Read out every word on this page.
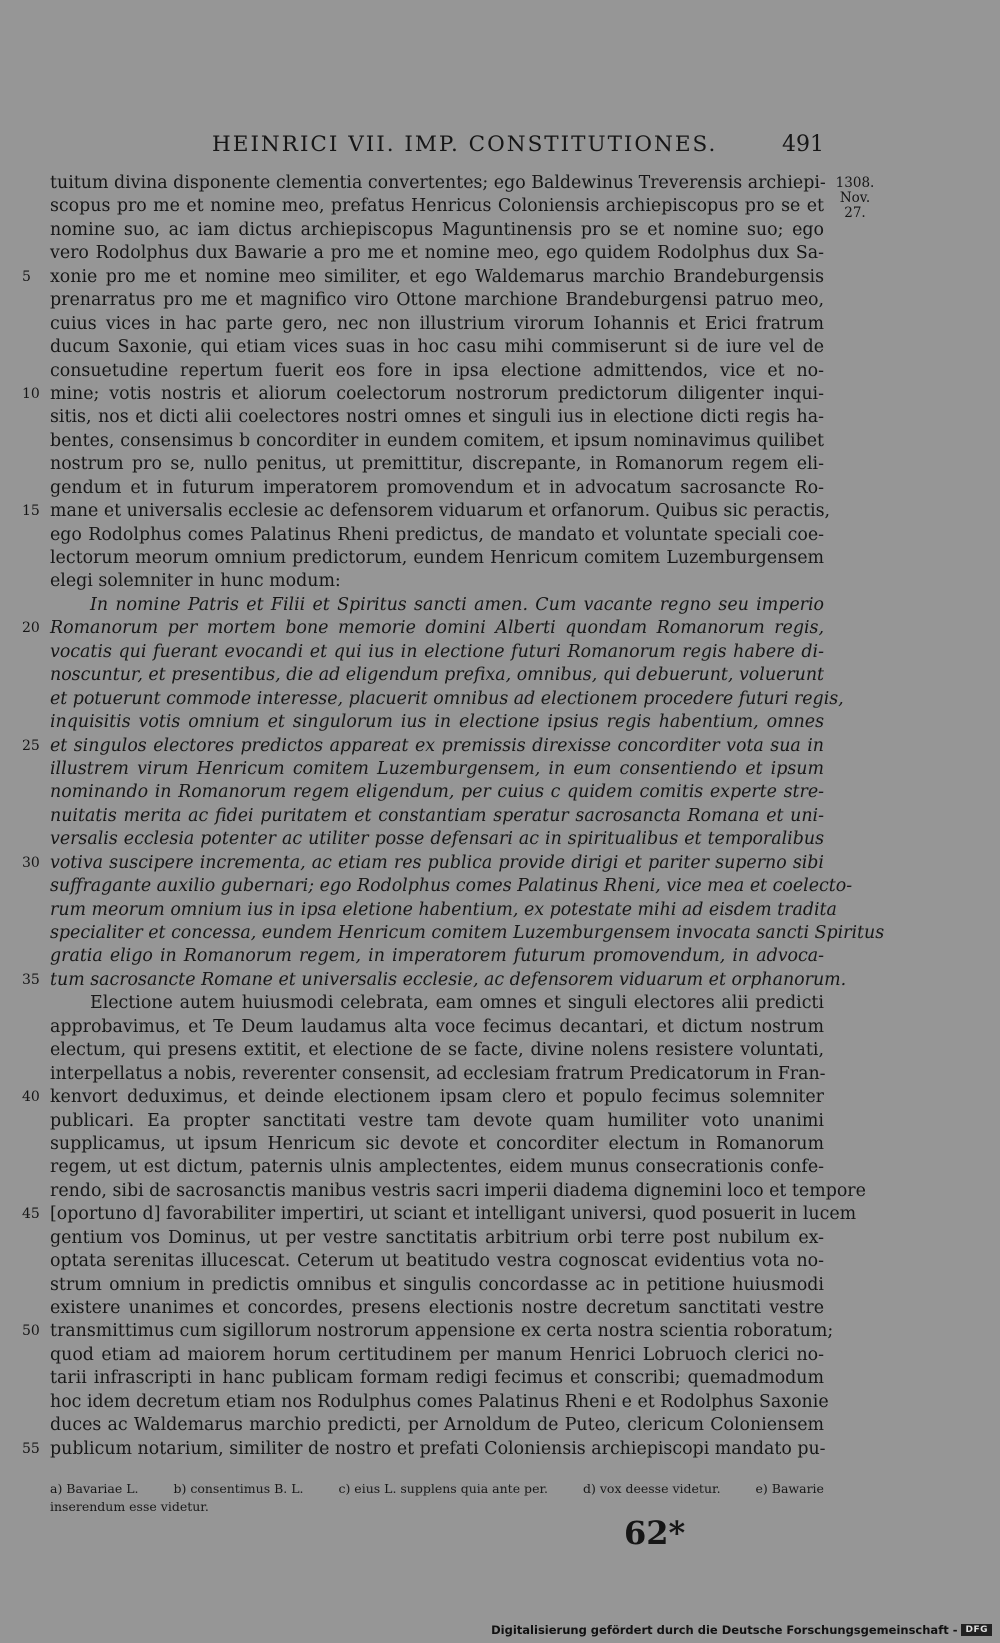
HEINRICI VII. IMP. CONSTITUTIONES.	491
1308.
Nov.
27.
tuitum divina disponente clementia convertentes; ego Baldewinus Treverensis archiepi-
scopus pro me et nomine meo, prefatus Henricus Coloniensis archiepiscopus pro se et
nomine suo, ac iam dictus archiepiscopus Maguntinensis pro se et nomine suo; ego
vero Rodolphus dux Bawarie a pro me et nomine meo, ego quidem Rodolphus dux Sa-
5	xonie pro me et nomine meo similiter, et ego Waldemarus marchio Brandeburgensis
prenarratus pro me et magnifico viro Ottone marchione Brandeburgensi patruo meo,
cuius vices in hac parte gero, nec non illustrium virorum Iohannis et Erici fratrum
ducum Saxonie, qui etiam vices suas in hoc casu mihi commiserunt si de iure vel de
consuetudine repertum fuerit eos fore in ipsa electione admittendos, vice et no-
10 mine; votis nostris et aliorum coelectorum nostrorum predictorum diligenter inqui-
sitis, nos et dicti alii coelectores nostri omnes et singuli ius in electione dicti regis ha-
bentes, consensimus b concorditer in eundem comitem, et ipsum nominavimus quilibet
nostrum pro se, nullo penitus, ut premittitur, discrepante, in Romanorum regem eli-
gendum et in futurum imperatorem promovendum et in advocatum sacrosancte Ro-
15 mane et universalis ecclesie ac defensorem viduarum et orfanorum. Quibus sic peractis,
ego Rodolphus comes Palatinus Rheni predictus, de mandato et voluntate speciali coe-
lectorum meorum omnium predictorum, eundem Henricum comitem Luzemburgensem
elegi solemniter in hunc modum:
In nomine Patris et Filii et Spiritus sancti amen. Cum vacante regno seu imperio
20 Romanorum per mortem bone memorie domini Alberti quondam Romanorum regis,
vocatis qui fuerant evocandi et qui ius in electione futuri Romanorum regis habere di-
noscuntur, et presentibus, die ad eligendum prefixa, omnibus, qui debuerunt, voluerunt
et potuerunt commode interesse, placuerit omnibus ad electionem procedere futuri regis,
inquisitis votis omnium et singulorum ius in electione ipsius regis habentium, omnes
25 et singulos electores predictos appareat ex premissis direxisse concorditer vota sua in
illustrem virum Henricum comitem Luzemburgensem, in eum consentiendo et ipsum
nominando in Romanorum regem eligendum, per cuius c quidem comitis experte stre-
nuitatis merita ac fidei puritatem et constantiam speratur sacrosancta Romana et uni-
versalis ecclesia potenter ac utiliter posse defensari ac in spiritualibus et temporalibus
30 votiva suscipere incrementa, ac etiam res publica provide dirigi et pariter superno sibi
suffragante auxilio gubernari; ego Rodolphus comes Palatinus Rheni, vice mea et coelecto-
rum meorum omnium ius in ipsa eletione habentium, ex potestate mihi ad eisdem tradita
specialiter et concessa, eundem Henricum comitem Luzemburgensem invocata sancti Spiritus
gratia eligo in Romanorum regem, in imperatorem futurum promovendum, in advoca-
35 tum sacrosancte Romane et universalis ecclesie, ac defensorem viduarum et orphanorum.
Electione autem huiusmodi celebrata, eam omnes et singuli electores alii predicti
approbavimus, et Te Deum laudamus alta voce fecimus decantari, et dictum nostrum
electum, qui presens extitit, et electione de se facte, divine nolens resistere voluntati,
interpellatus a nobis, reverenter consensit, ad ecclesiam fratrum Predicatorum in Fran-
40 kenvort deduximus, et deinde electionem ipsam clero et populo fecimus solemniter
publicari. Ea propter sanctitati vestre tam devote quam humiliter voto unanimi
supplicamus, ut ipsum Henricum sic devote et concorditer electum in Romanorum
regem, ut est dictum, paternis ulnis amplectentes, eidem munus consecrationis confe-
rendo, sibi de sacrosanctis manibus vestris sacri imperii diadema dignemini loco et tempore
45 [oportuno d] favorabiliter impertiri, ut sciant et intelligant universi, quod posuerit in lucem
gentium vos Dominus, ut per vestre sanctitatis arbitrium orbi terre post nubilum ex-
optata serenitas illucescat. Ceterum ut beatitudo vestra cognoscat evidentius vota no-
strum omnium in predictis omnibus et singulis concordasse ac in petitione huiusmodi
existere unanimes et concordes, presens electionis nostre decretum sanctitati vestre
50 transmittimus cum sigillorum nostrorum appensione ex certa nostra scientia roboratum;
quod etiam ad maiorem horum certitudinem per manum Henrici Lobruoch clerici no-
tarii infrascripti in hanc publicam formam redigi fecimus et conscribi; quemadmodum
hoc idem decretum etiam nos Rodulphus comes Palatinus Rheni e et Rodolphus Saxonie
duces ac Waldemarus marchio predicti, per Arnoldum de Puteo, clericum Coloniensem
55 publicum notarium, similiter de nostro et prefati Coloniensis archiepiscopi mandato pu-
a) Bavariae L.	b) consentimus B. L.	c) eius L. supplens quia ante per.	d) vox deesse videtur.	e) Bawarie
inserendum esse videtur.
62*
Digitalisierung gefördert durch die Deutsche Forschungsgemeinschaft - DFG
